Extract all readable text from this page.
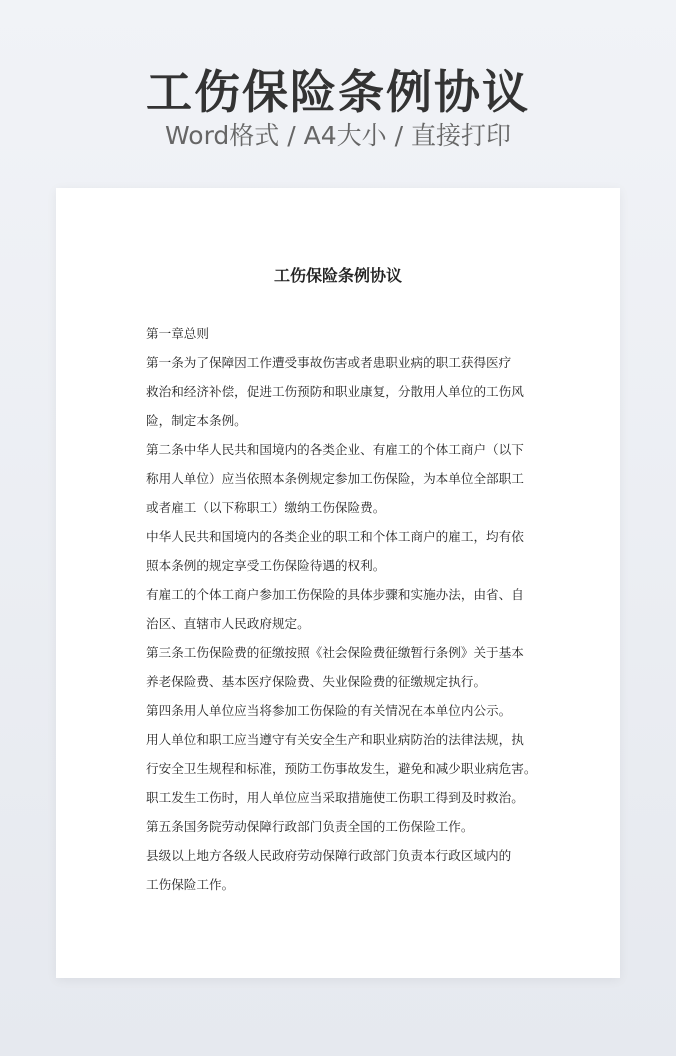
工伤保险条例协议
Word格式 / A4大小 / 直接打印
工伤保险条例协议
第一章总则
第一条为了保障因工作遭受事故伤害或者患职业病的职工获得医疗
救治和经济补偿，促进工伤预防和职业康复，分散用人单位的工伤风
险，制定本条例。
第二条中华人民共和国境内的各类企业、有雇工的个体工商户（以下
称用人单位）应当依照本条例规定参加工伤保险，为本单位全部职工
或者雇工（以下称职工）缴纳工伤保险费。
中华人民共和国境内的各类企业的职工和个体工商户的雇工，均有依
照本条例的规定享受工伤保险待遇的权利。
有雇工的个体工商户参加工伤保险的具体步骤和实施办法，由省、自
治区、直辖市人民政府规定。
第三条工伤保险费的征缴按照《社会保险费征缴暂行条例》关于基本
养老保险费、基本医疗保险费、失业保险费的征缴规定执行。
第四条用人单位应当将参加工伤保险的有关情况在本单位内公示。
用人单位和职工应当遵守有关安全生产和职业病防治的法律法规，执
行安全卫生规程和标准，预防工伤事故发生，避免和减少职业病危害。
职工发生工伤时，用人单位应当采取措施使工伤职工得到及时救治。
第五条国务院劳动保障行政部门负责全国的工伤保险工作。
县级以上地方各级人民政府劳动保障行政部门负责本行政区域内的
工伤保险工作。
